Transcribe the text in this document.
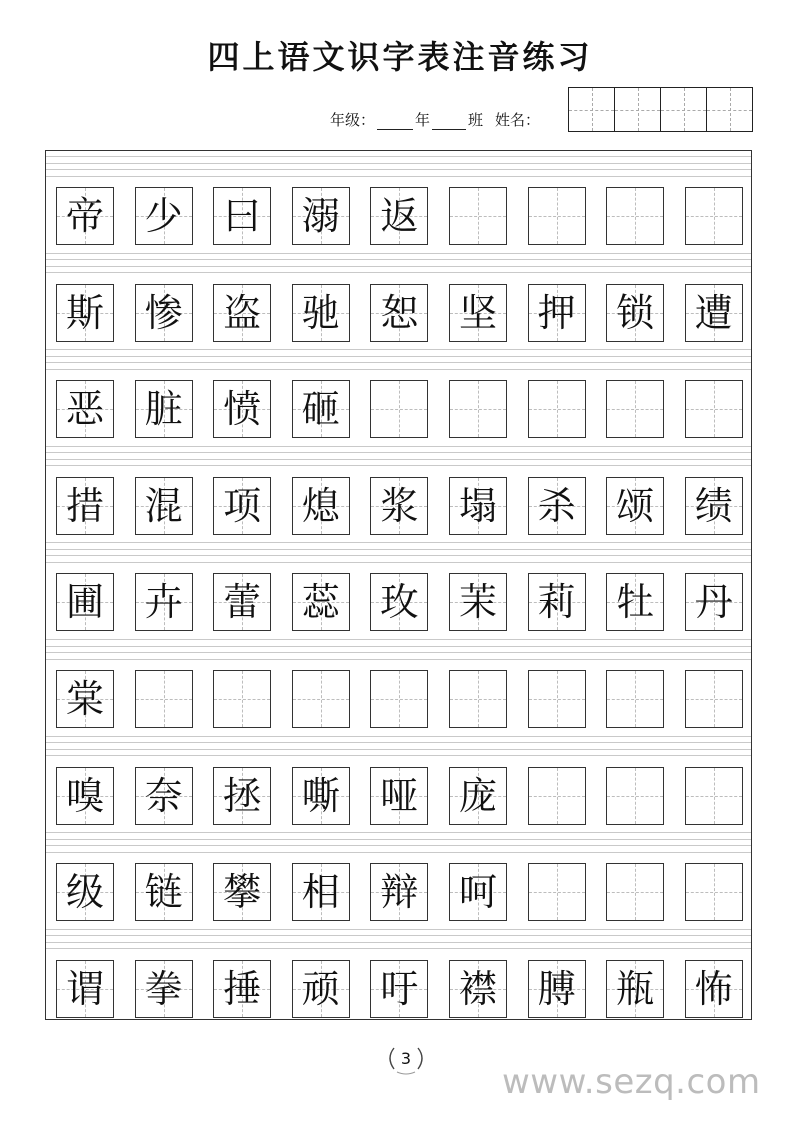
四上语文识字表注音练习
年级：	年	班 姓名：
帝 少 曰 溺 返
斯 惨 盗 驰 恕 坚 押 锁 遭
恶 脏 愤 砸
措 混 项 熄 浆 塌 杀 颂 绩
圃 卉 蕾 蕊 玫 茉 莉 牡 丹
棠
嗅 奈 拯 嘶 哑 庞
级 链 攀 相 辩 呵
谓 拳 捶 顽 吁 襟 膊 瓶 怖
3
www.sezq.com
